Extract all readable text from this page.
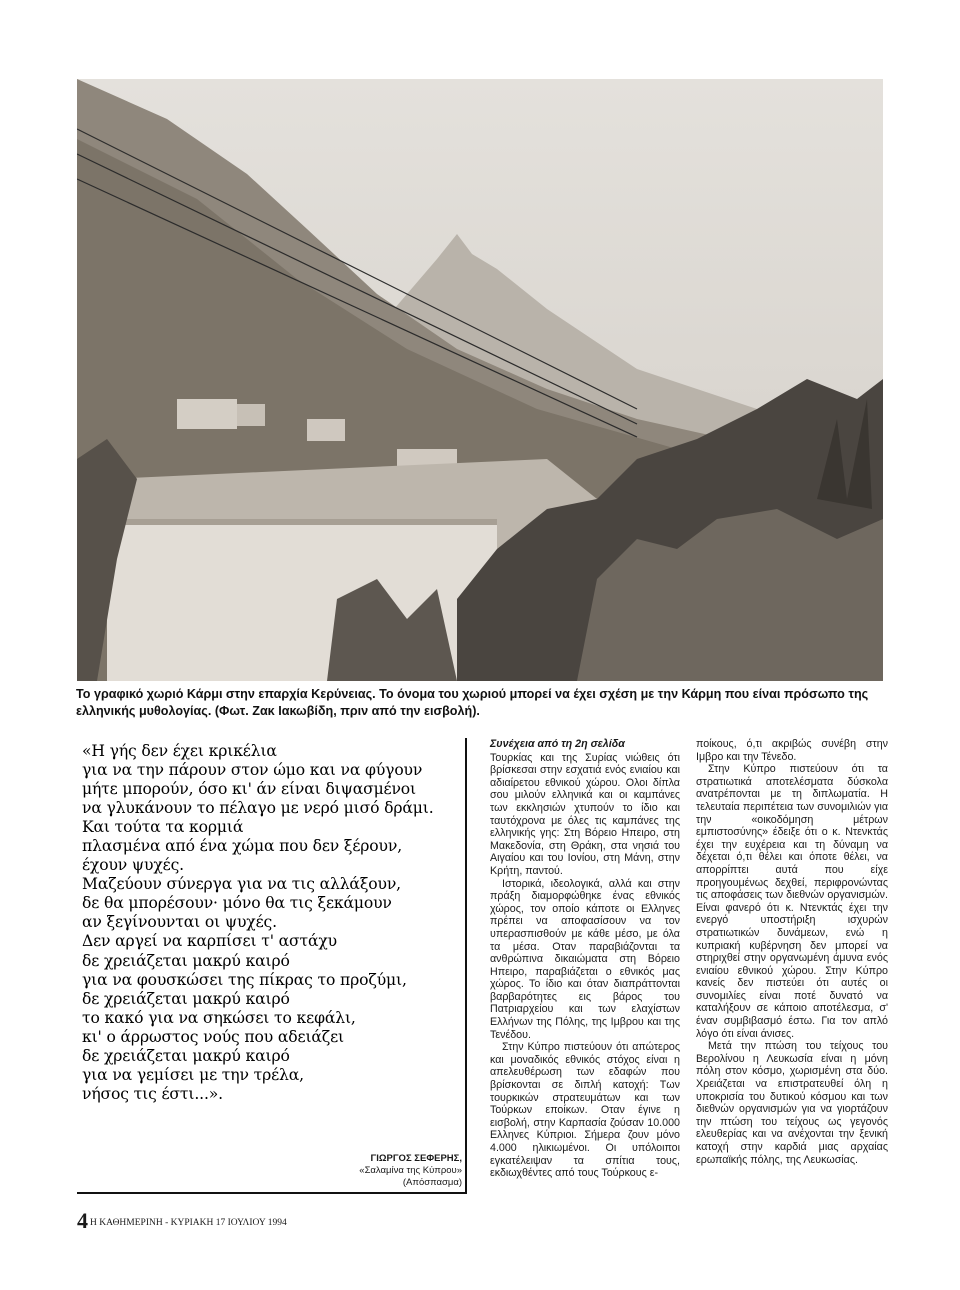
Το γραφικό χωριό Κάρμι στην επαρχία Κερύνειας. Το όνομα του χωριού μπορεί να έχει σχέση με την Κάρμη που είναι πρόσωπο της ελληνικής μυθολογίας. (Φωτ. Ζακ Ιακωβίδη, πριν από την εισβολή).
«Η γής δεν έχει κρικέλια
για να την πάρουν στον ώμο και να φύγουν
μήτε μπορούν, όσο κι' άν είναι διψασμένοι
να γλυκάνουν το πέλαγο με νερό μισό δράμι.
Και τούτα τα κορμιά
πλασμένα από ένα χώμα που δεν ξέρουν,
έχουν ψυχές.
Μαζεύουν σύνεργα για να τις αλλάξουν,
δε θα μπορέσουν· μόνο θα τις ξεκάμουν
αν ξεγίνουνται οι ψυχές.
Δεν αργεί να καρπίσει τ' αστάχυ
δε χρειάζεται μακρύ καιρό
για να φουσκώσει της πίκρας το προζύμι,
δε χρειάζεται μακρύ καιρό
το κακό για να σηκώσει το κεφάλι,
κι' ο άρρωστος νούς που αδειάζει
δε χρειάζεται μακρύ καιρό
για να γεμίσει με την τρέλα,
νήσος τις έστι...».
ΓΙΩΡΓΟΣ ΣΕΦΕΡΗΣ,
«Σαλαμίνα της Κύπρου» (Απόσπασμα)
4 Η ΚΑΘΗΜΕΡΙΝΗ - ΚΥΡΙΑΚΗ 17 ΙΟΥΛΙΟΥ 1994

Συνέχεια από τη 2η σελίδα

Τουρκίας και της Συρίας νιώθεις ότι βρίσκεσαι στην εσχατιά ενός ενιαίου και αδιαίρετου εθνικού χώρου. Ολοι δίπλα σου μιλούν ελληνικά και οι καμπάνες των εκκλησιών χτυπούν το ίδιο και ταυτόχρονα με όλες τις καμπάνες της ελληνικής γης: Στη Βόρειο Ηπειρο, στη Μακεδονία, στη Θράκη, στα νησιά του Αιγαίου και του Ιονίου, στη Μάνη, στην Κρήτη, παντού.

Ιστορικά, ιδεολογικά, αλλά και στην πράξη διαμορφώθηκε ένας εθνικός χώρος, τον οποίο κάποτε οι Ελληνες πρέπει να αποφασίσουν να τον υπερασπισθούν με κάθε μέσο, με όλα τα μέσα. Οταν παραβιάζονται τα ανθρώπινα δικαιώματα στη Βόρειο Ηπειρο, παραβιάζεται ο εθνικός μας χώρος. Το ίδιο και όταν διαπράττονται βαρβαρότητες εις βάρος του Πατριαρχείου και των ελαχίστων Ελλήνων της Πόλης, της Ιμβρου και της Τενέδου.

Στην Κύπρο πιστεύουν ότι απώτερος και μοναδικός εθνικός στόχος είναι η απελευθέρωση των εδαφών που βρίσκονται σε διπλή κατοχή: Των τουρκικών στρατευμάτων και των Τούρκων εποίκων. Οταν έγινε η εισβολή, στην Καρπασία ζούσαν 10.000 Ελληνες Κύπριοι. Σήμερα ζουν μόνο 4.000 ηλικιωμένοι. Οι υπόλοιποι εγκατέλειψαν τα σπίτια τους, εκδιωχθέντες από τους Τούρκους ε-

ποίκους, ό,τι ακριβώς συνέβη στην Ιμβρο και την Τένεδο.

Στην Κύπρο πιστεύουν ότι τα στρατιωτικά αποτελέσματα δύσκολα ανατρέπονται με τη διπλωματία. Η τελευταία περιπέτεια των συνομιλιών για την «οικοδόμηση μέτρων εμπιστοσύνης» έδειξε ότι ο κ. Ντενκτάς έχει την ευχέρεια και τη δύναμη να δέχεται ό,τι θέλει και όποτε θέλει, να απορρίπτει αυτά που είχε προηγουμένως δεχθεί, περιφρονώντας τις αποφάσεις των διεθνών οργανισμών. Είναι φανερό ότι κ. Ντενκτάς έχει την ενεργό υποστήριξη ισχυρών στρατιωτικών δυνάμεων, ενώ η κυπριακή κυβέρνηση δεν μπορεί να στηριχθεί στην οργανωμένη άμυνα ενός ενιαίου εθνικού χώρου. Στην Κύπρο κανείς δεν πιστεύει ότι αυτές οι συνομιλίες είναι ποτέ δυνατό να καταλήξουν σε κάποιο αποτέλεσμα, σ' έναν συμβιβασμό έστω. Για τον απλό λόγο ότι είναι άνισες.

Μετά την πτώση του τείχους του Βερολίνου η Λευκωσία είναι η μόνη πόλη στον κόσμο, χωρισμένη στα δύο. Χρειάζεται να επιστρατευθεί όλη η υποκρισία του δυτικού κόσμου και των διεθνών οργανισμών για να γιορτάζουν την πτώση του τείχους ως γεγονός ελευθερίας και να ανέχονται την ξενική κατοχή στην καρδιά μιας αρχαίας ερωπαϊκής πόλης, της Λευκωσίας.
